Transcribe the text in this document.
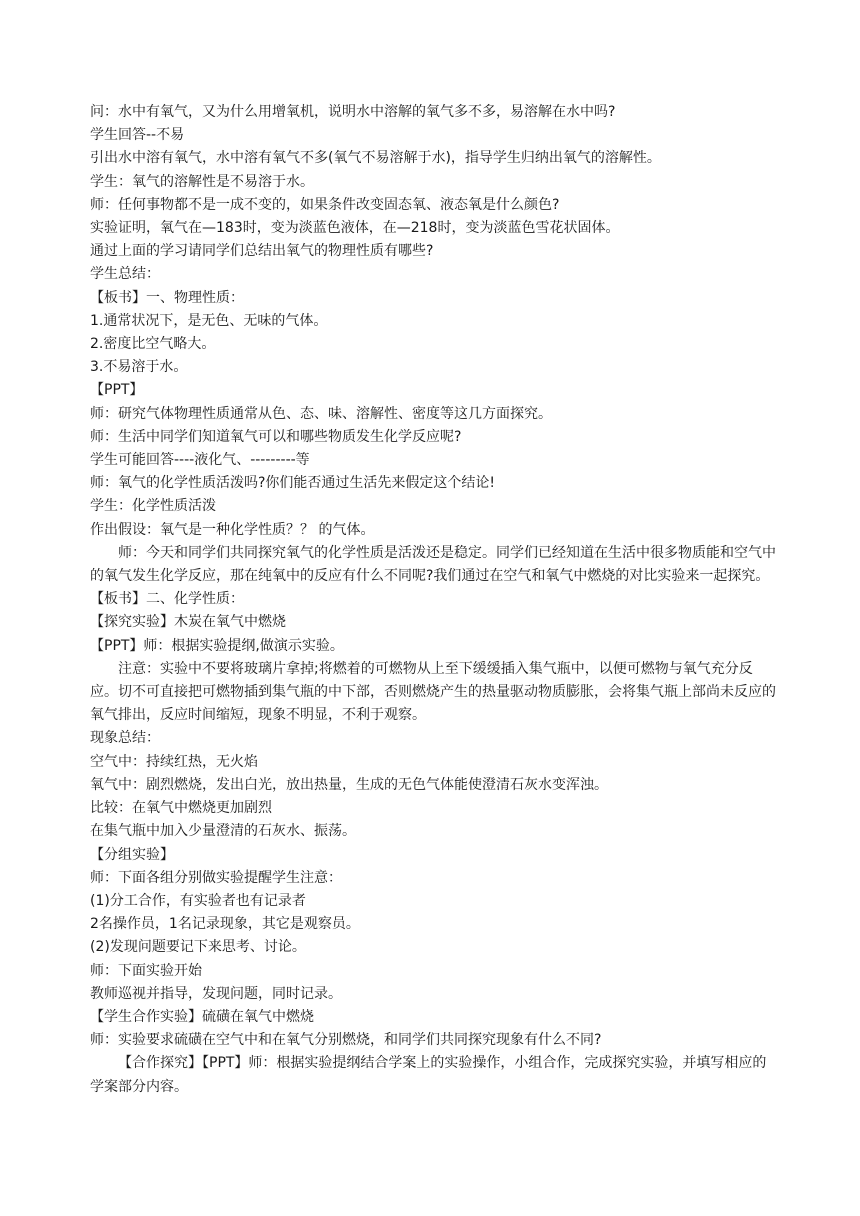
问：水中有氧气，又为什么用增氧机，说明水中溶解的氧气多不多，易溶解在水中吗?

学生回答--不易

引出水中溶有氧气，水中溶有氧气不多(氧气不易溶解于水)，指导学生归纳出氧气的溶解性。

学生：氧气的溶解性是不易溶于水。

师：任何事物都不是一成不变的，如果条件改变固态氧、液态氧是什么颜色?

实验证明，氧气在—183时，变为淡蓝色液体，在—218时，变为淡蓝色雪花状固体。

通过上面的学习请同学们总结出氧气的物理性质有哪些?

学生总结：

【板书】一、物理性质：

1.通常状况下，是无色、无味的气体。

2.密度比空气略大。

3.不易溶于水。

【PPT】

师：研究气体物理性质通常从色、态、味、溶解性、密度等这几方面探究。

师：生活中同学们知道氧气可以和哪些物质发生化学反应呢?

学生可能回答----液化气、---------等

师：氧气的化学性质活泼吗?你们能否通过生活先来假定这个结论!

学生：化学性质活泼

作出假设：氧气是一种化学性质？？ 的气体。

师：今天和同学们共同探究氧气的化学性质是活泼还是稳定。同学们已经知道在生活中很多物质能和空气中的氧气发生化学反应，那在纯氧中的反应有什么不同呢?我们通过在空气和氧气中燃烧的对比实验来一起探究。

【板书】二、化学性质：

【探究实验】木炭在氧气中燃烧

【PPT】师：根据实验提纲,做演示实验。

注意：实验中不要将玻璃片拿掉;将燃着的可燃物从上至下缓缓插入集气瓶中，以便可燃物与氧气充分反应。切不可直接把可燃物插到集气瓶的中下部，否则燃烧产生的热量驱动物质膨胀，会将集气瓶上部尚未反应的氧气排出，反应时间缩短，现象不明显，不利于观察。

现象总结：

空气中：持续红热，无火焰

氧气中：剧烈燃烧，发出白光，放出热量，生成的无色气体能使澄清石灰水变浑浊。

比较：在氧气中燃烧更加剧烈

在集气瓶中加入少量澄清的石灰水、振荡。

【分组实验】

师：下面各组分别做实验提醒学生注意：

(1)分工合作，有实验者也有记录者

2名操作员，1名记录现象，其它是观察员。

(2)发现问题要记下来思考、讨论。

师：下面实验开始

教师巡视并指导，发现问题，同时记录。

【学生合作实验】硫磺在氧气中燃烧

师：实验要求硫磺在空气中和在氧气分别燃烧，和同学们共同探究现象有什么不同?

【合作探究】【PPT】师：根据实验提纲结合学案上的实验操作，小组合作，完成探究实验，并填写相应的学案部分内容。
